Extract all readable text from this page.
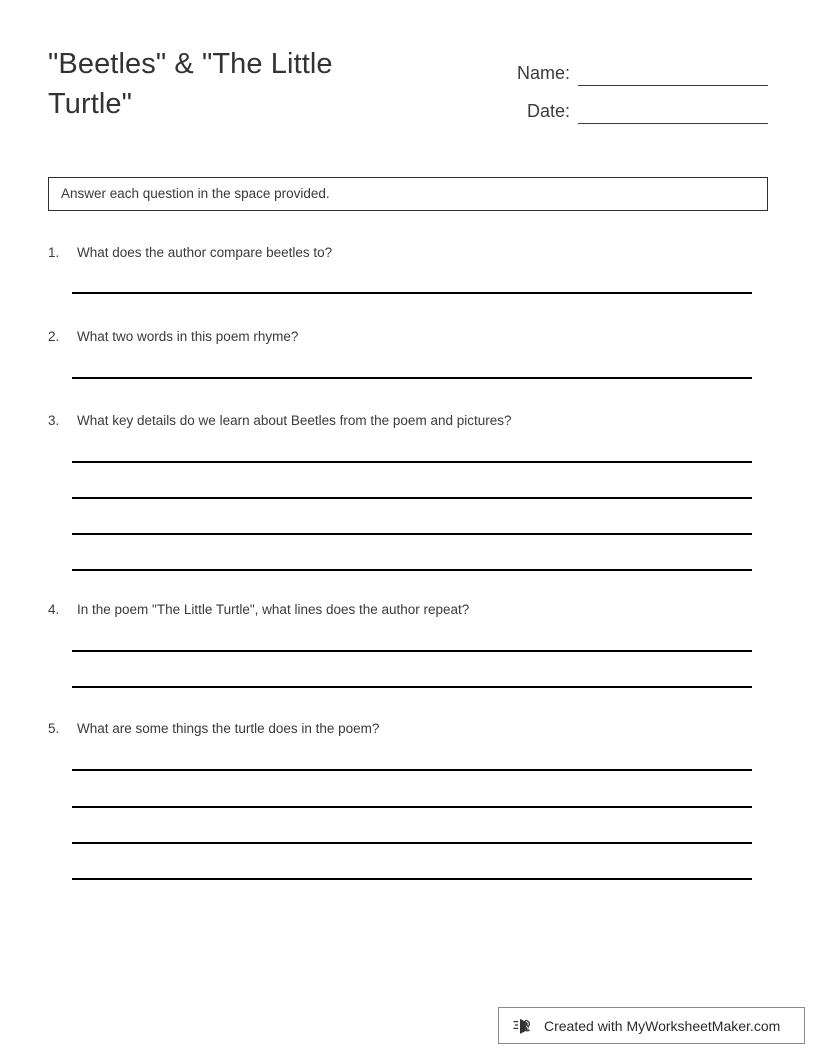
"Beetles" & "The Little Turtle"
Name:
Date:
Answer each question in the space provided.
1.	What does the author compare beetles to?
2.	What two words in this poem rhyme?
3.	What key details do we learn about Beetles from the poem and pictures?
4.	In the poem "The Little Turtle", what lines does the author repeat?
5.	What are some things the turtle does in the poem?
Created with MyWorksheetMaker.com
